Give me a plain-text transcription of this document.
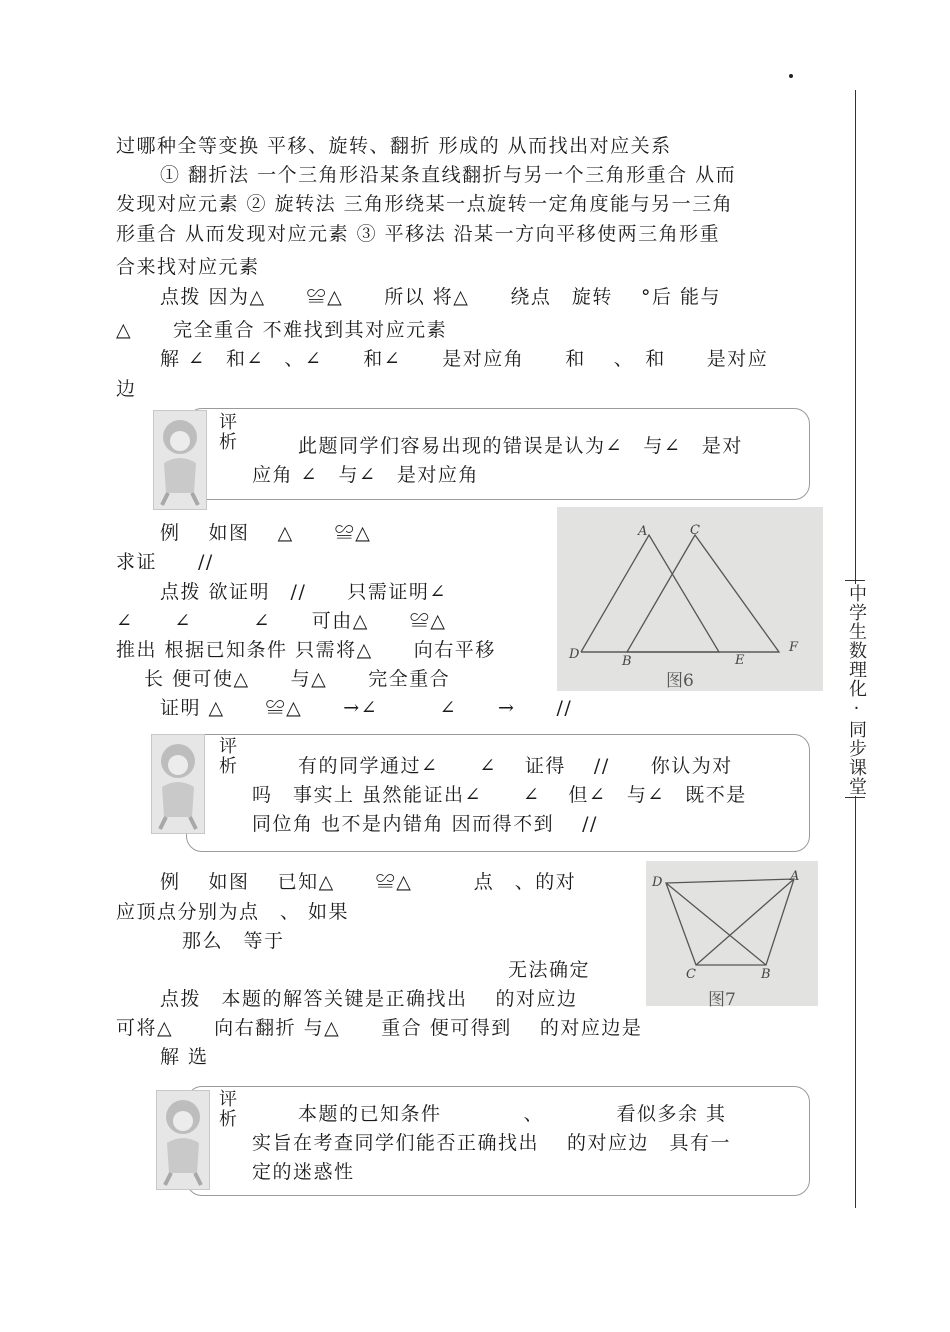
中学生数理化·同步课堂
过哪种全等变换 平移、旋转、翻折 形成的 从而找出对应关系
① 翻折法 一个三角形沿某条直线翻折与另一个三角形重合 从而
发现对应元素 ② 旋转法 三角形绕某一点旋转一定角度能与另一三角
形重合 从而发现对应元素 ③ 平移法 沿某一方向平移使两三角形重
合来找对应元素
点拨 因为△　　≌△　　所以 将△　　绕点　旋转　 °后 能与
△　　完全重合 不难找到其对应元素
解 ∠　和∠　、∠　　和∠　　是对应角　　和　 、　和　　是对应
边
评析	此题同学们容易出现的错误是认为∠　与∠　是对
应角 ∠　与∠　是对应角
例　 如图　 △　　≌△
求证　　//
点拨 欲证明　//　　只需证明∠
∠　　∠　　　∠　　可由△　　≌△
推出 根据已知条件 只需将△　　向右平移
长 便可使△　　与△　　完全重合
证明 △　　≌△　　→∠　　　∠　　→　　//
A	C
D	B	E
F
图6
评析	有的同学通过∠　　∠　 证得　 //　　你认为对
吗　事实上 虽然能证出∠　　∠　 但∠　与∠　既不是
同位角 也不是内错角 因而得不到　 //
例　 如图　 已知△　　≌△　　　点　、的对
应顶点分别为点　、 如果
那么　等于
无法确定
点拨　本题的解答关键是正确找出　 的对应边
可将△　　向右翻折 与△　　重合 便可得到　 的对应边是
解 选
D	A
C	B
图7
评析	本题的已知条件　　　　、　　　　看似多余 其
实旨在考查同学们能否正确找出　 的对应边　具有一
定的迷惑性
